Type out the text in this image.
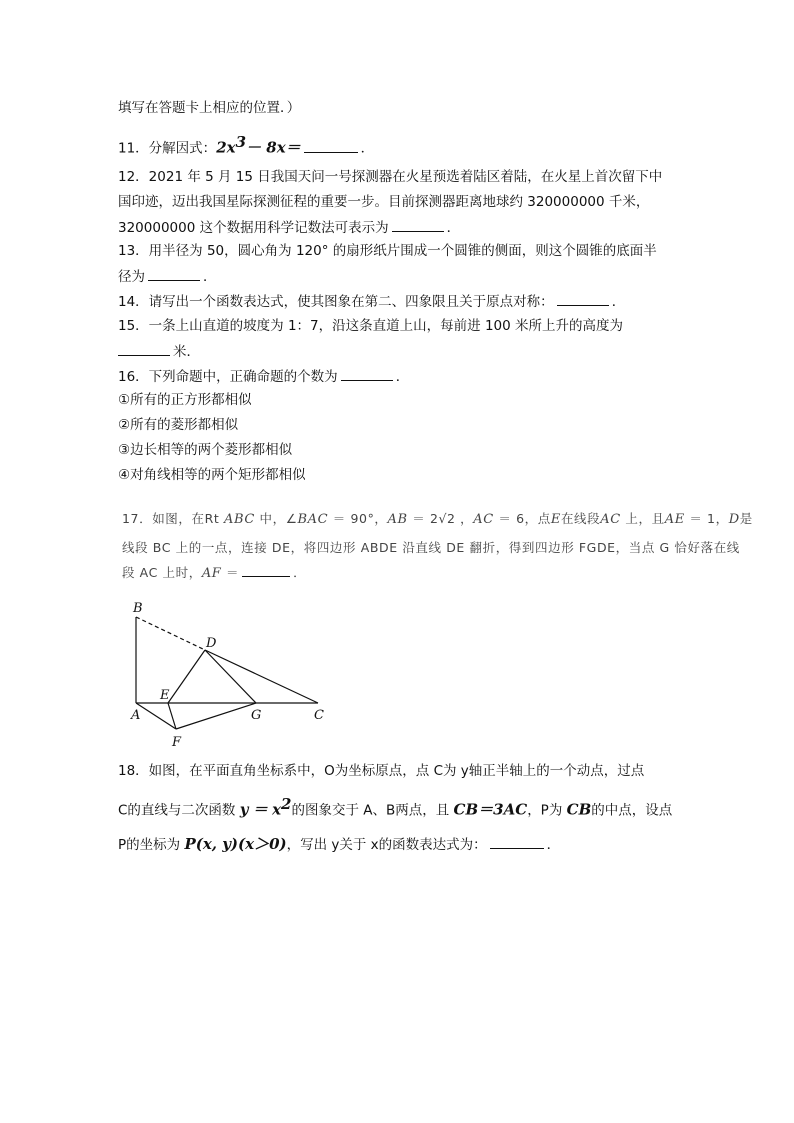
填写在答题卡上相应的位置．）
11．分解因式：$2x^3- 8x=$	．
12．2021 年 5 月 15 日我国天问一号探测器在火星预选着陆区着陆，在火星上首次留下中
国印迹，迈出我国星际探测征程的重要一步。目前探测器距离地球约 320000000 千米，
320000000 这个数据用科学记数法可表示为	．
13．用半径为 50，圆心角为 120° 的扇形纸片围成一个圆锥的侧面，则这个圆锥的底面半
径为	．
14．请写出一个函数表达式，使其图象在第二、四象限且关于原点对称：	．
15．一条上山直道的坡度为 1：7，沿这条直道上山，每前进 100 米所上升的高度为
米．
16．下列命题中，正确命题的个数为	．
①所有的正方形都相似
②所有的菱形都相似
③边长相等的两个菱形都相似
④对角线相等的两个矩形都相似
17．如图，在Rt ABC 中，∠BAC ＝ 90°，AB ＝ 2√2 ，AC ＝ 6，点E在线段AC 上，且AE ＝ 1，D是
线段 BC 上的一点，连接 DE，将四边形 ABDE 沿直线 DE 翻折，得到四边形 FGDE，当点 G 恰好落在线
段 AC 上时，AF ＝	．
B
D
E
A	G	C
F
18．如图，在平面直角坐标系中，O为坐标原点，点 C为 y轴正半轴上的一个动点，过点
C的直线与二次函数 $y = x^2$的图象交于 A、B两点，且 CB＝3AC，P为 CB的中点，设点
P的坐标为 P(x, y)(x＞0)，写出 y关于 x的函数表达式为：	．
